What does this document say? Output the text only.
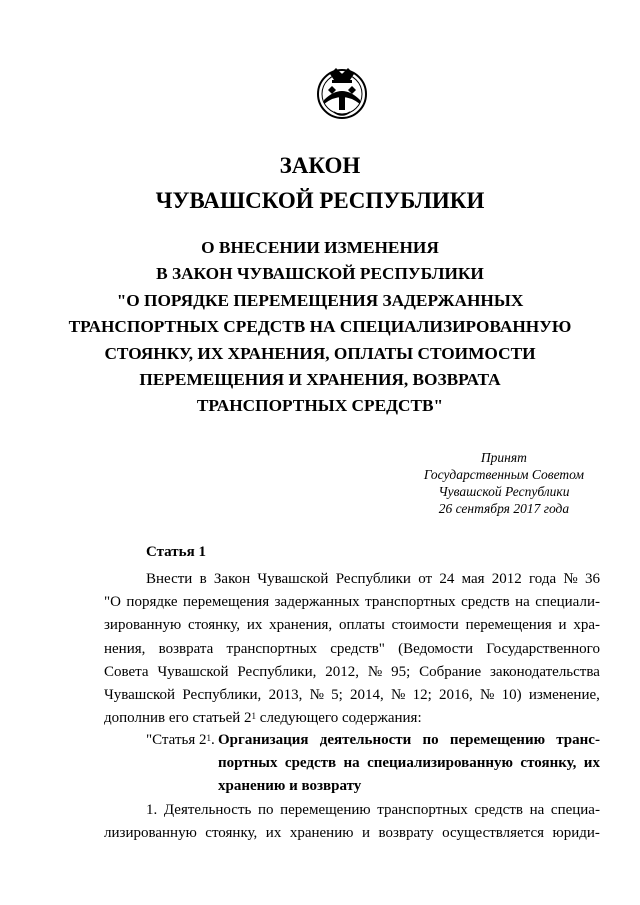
ЗАКОН
ЧУВАШСКОЙ РЕСПУБЛИКИ
О ВНЕСЕНИИ ИЗМЕНЕНИЯ
В ЗАКОН ЧУВАШСКОЙ РЕСПУБЛИКИ
"О ПОРЯДКЕ ПЕРЕМЕЩЕНИЯ ЗАДЕРЖАННЫХ
ТРАНСПОРТНЫХ СРЕДСТВ НА СПЕЦИАЛИЗИРОВАННУЮ
СТОЯНКУ, ИХ ХРАНЕНИЯ, ОПЛАТЫ СТОИМОСТИ
ПЕРЕМЕЩЕНИЯ И ХРАНЕНИЯ, ВОЗВРАТА
ТРАНСПОРТНЫХ СРЕДСТВ"
Принят
Государственным Советом
Чувашской Республики
26 сентября 2017 года
Статья 1
Внести в Закон Чувашской Республики от 24 мая 2012 года № 36
"О порядке перемещения задержанных транспортных средств на специали-
зированную стоянку, их хранения, оплаты стоимости перемещения и хра-
нения, возврата транспортных средств" (Ведомости Государственного
Совета Чувашской Республики, 2012, № 95; Собрание законодательства
Чувашской Республики, 2013, № 5; 2014, № 12; 2016, № 10) изменение,
дополнив его статьей $2^1$ следующего содержания:
"Статья $2^1$. Организация деятельности по перемещению транс-
портных средств на специализированную стоянку, их
хранению и возврату
1. Деятельность по перемещению транспортных средств на специа-
лизированную стоянку, их хранению и возврату осуществляется юриди-
